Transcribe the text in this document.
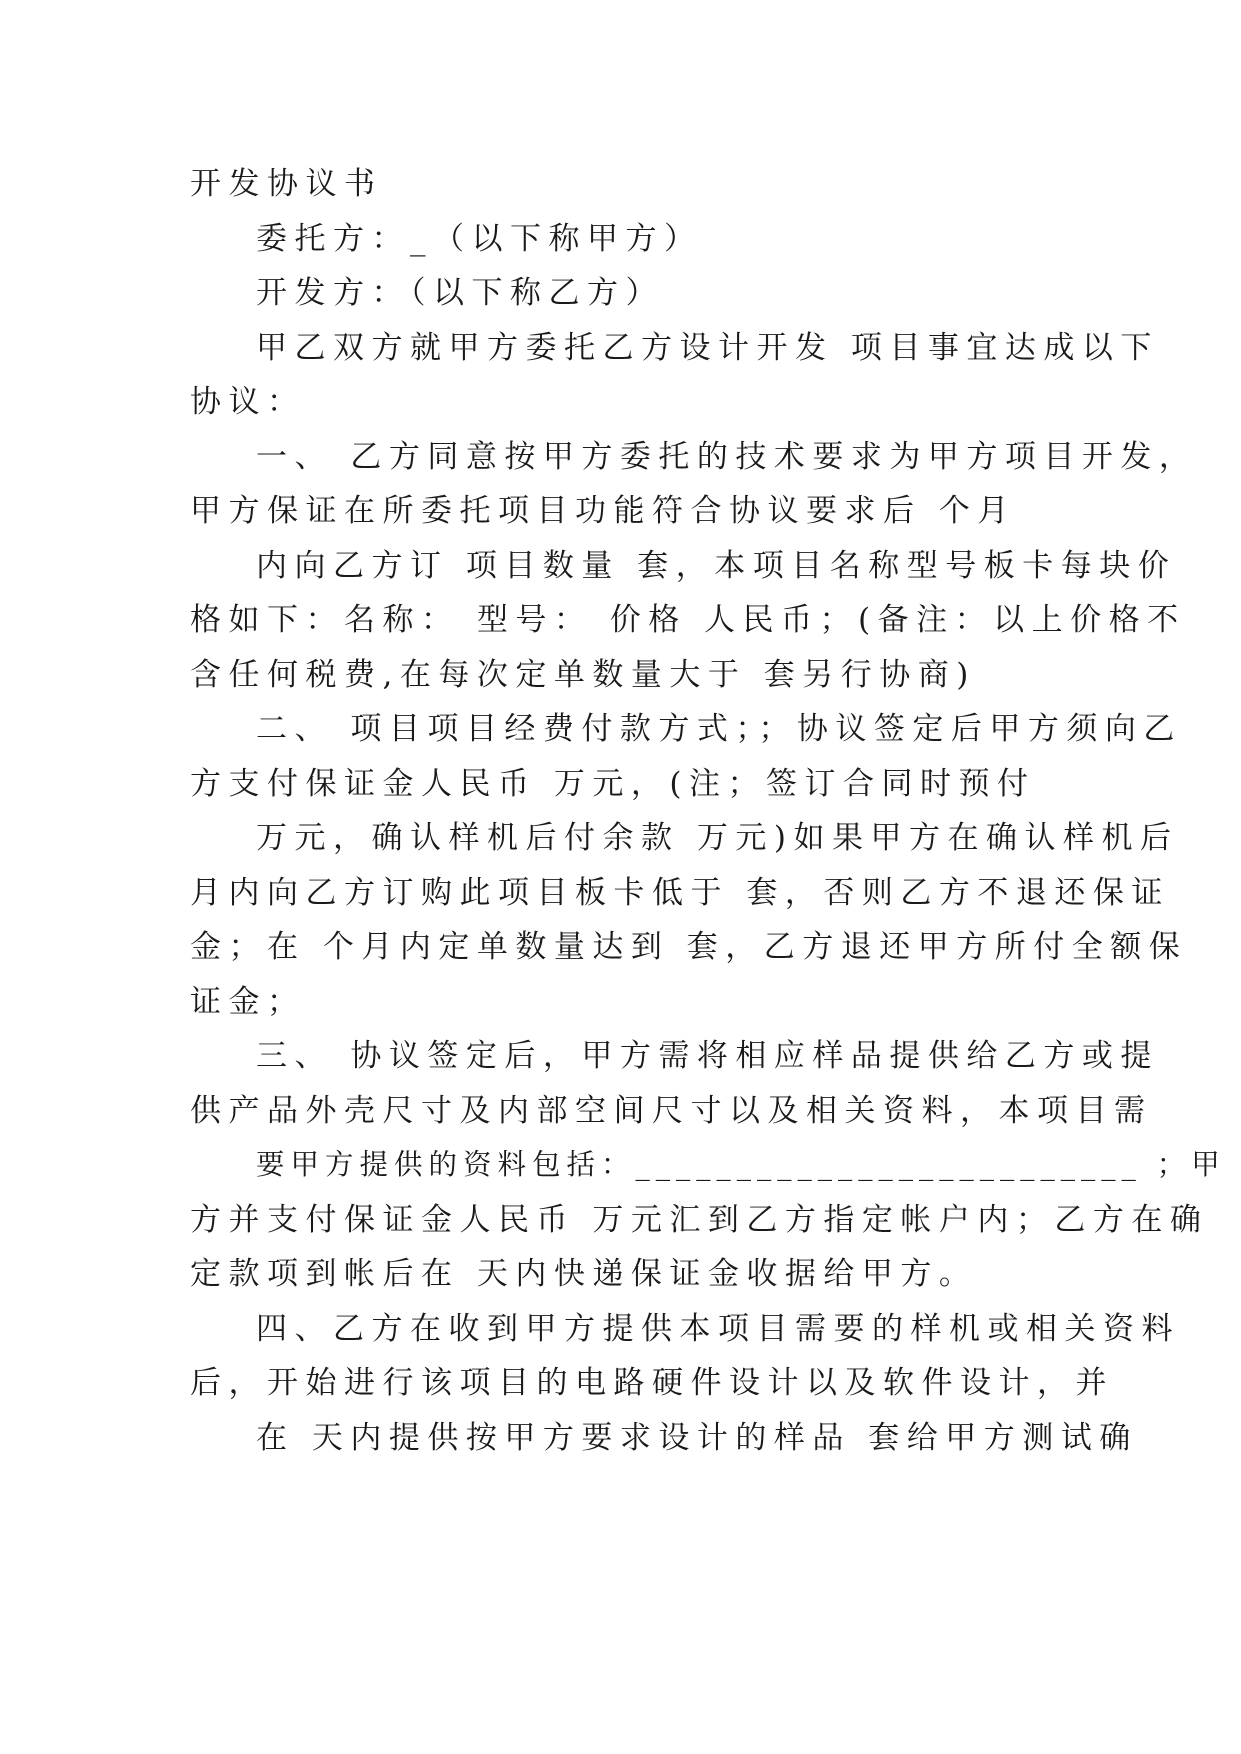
开发协议书

委托方：_（以下称甲方）

开发方：（以下称乙方）

甲乙双方就甲方委托乙方设计开发 项目事宜达成以下

协议：

一、 乙方同意按甲方委托的技术要求为甲方项目开发，

甲方保证在所委托项目功能符合协议要求后 个月

内向乙方订 项目数量 套，本项目名称型号板卡每块价

格如下：名称： 型号： 价格 人民币；(备注：以上价格不

含任何税费,在每次定单数量大于 套另行协商)

二、 项目项目经费付款方式；；协议签定后甲方须向乙

方支付保证金人民币 万元，(注；签订合同时预付

万元，确认样机后付余款 万元)如果甲方在确认样机后

月内向乙方订购此项目板卡低于 套，否则乙方不退还保证

金；在 个月内定单数量达到 套，乙方退还甲方所付全额保

证金；

三、 协议签定后，甲方需将相应样品提供给乙方或提

供产品外壳尺寸及内部空间尺寸以及相关资料，本项目需

要甲方提供的资料包括：_________________________ ；甲

方并支付保证金人民币 万元汇到乙方指定帐户内；乙方在确

定款项到帐后在 天内快递保证金收据给甲方。

四、乙方在收到甲方提供本项目需要的样机或相关资料

后，开始进行该项目的电路硬件设计以及软件设计，并

在 天内提供按甲方要求设计的样品 套给甲方测试确
